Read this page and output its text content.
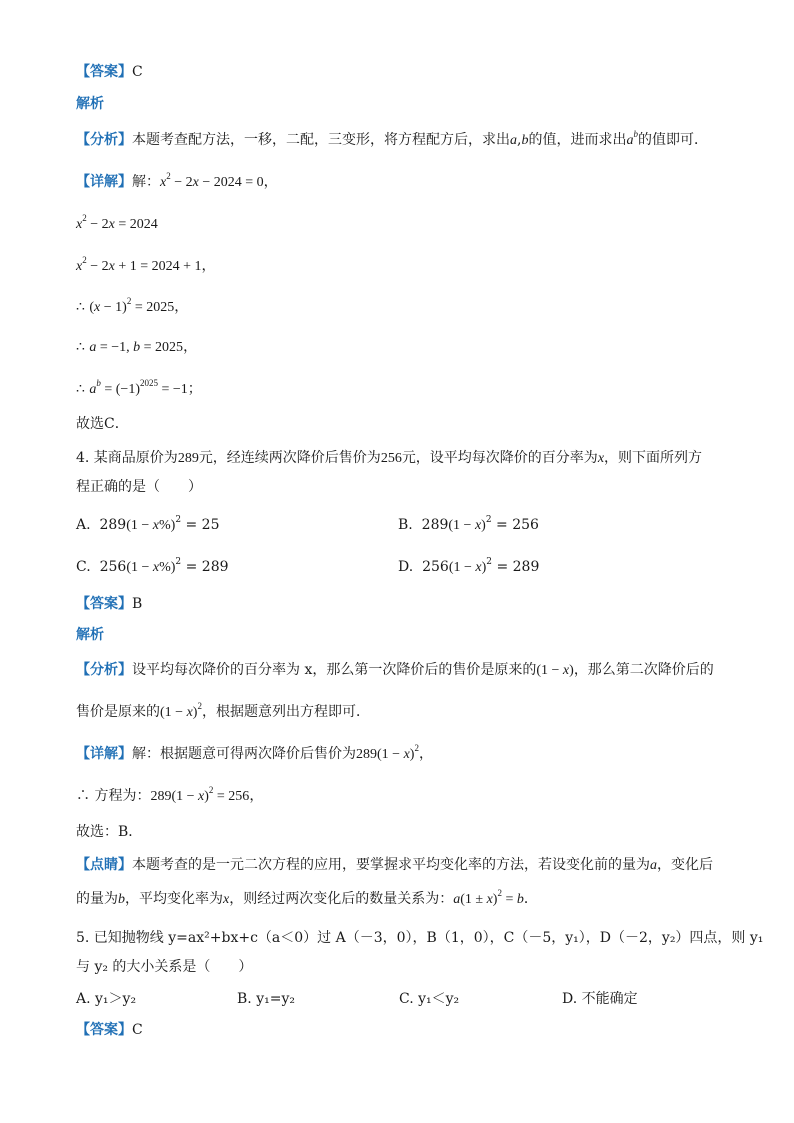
【答案】C
解析
【分析】本题考查配方法，一移，二配，三变形，将方程配方后，求出a,b的值，进而求出$a^b$的值即可．
【详解】解：$x^2 - 2x - 2024 = 0$，
$x^2 - 2x = 2024$
$x^2 - 2x + 1 = 2024 + 1$，
∴ $(x - 1)^2 = 2025$，
∴ a = −1, b = 2025，
∴ $a^b = (-1)^{2025} = -1$；
故选C．
4. 某商品原价为289元，经连续两次降价后售价为256元，设平均每次降价的百分率为x，则下面所列方
程正确的是（　　）
A. $289(1 - x\%)^2 = 25$	B. $289(1 - x)^2 = 256$
C. $256(1 - x\%)^2 = 289$	D. $256(1 - x)^2 = 289$
【答案】B
解析
【分析】设平均每次降价的百分率为 x，那么第一次降价后的售价是原来的(1 − x)，那么第二次降价后的
售价是原来的$(1 - x)^2$，根据题意列出方程即可．
【详解】解：根据题意可得两次降价后售价为$289(1 - x)^2$，
∴ 方程为：$289(1 - x)^2 = 256$，
故选：B．
【点睛】本题考查的是一元二次方程的应用，要掌握求平均变化率的方法，若设变化前的量为a，变化后
的量为b，平均变化率为x，则经过两次变化后的数量关系为：$a(1 \pm x)^2 = b$．
5. 已知抛物线 y=ax²+bx+c（a＜0）过 A（－3，0），B（1，0），C（－5，y₁），D（－2，y₂）四点，则 y₁
与 y₂ 的大小关系是（　　）
A. y₁＞y₂	B. y₁=y₂	C. y₁＜y₂	D. 不能确定
【答案】C
